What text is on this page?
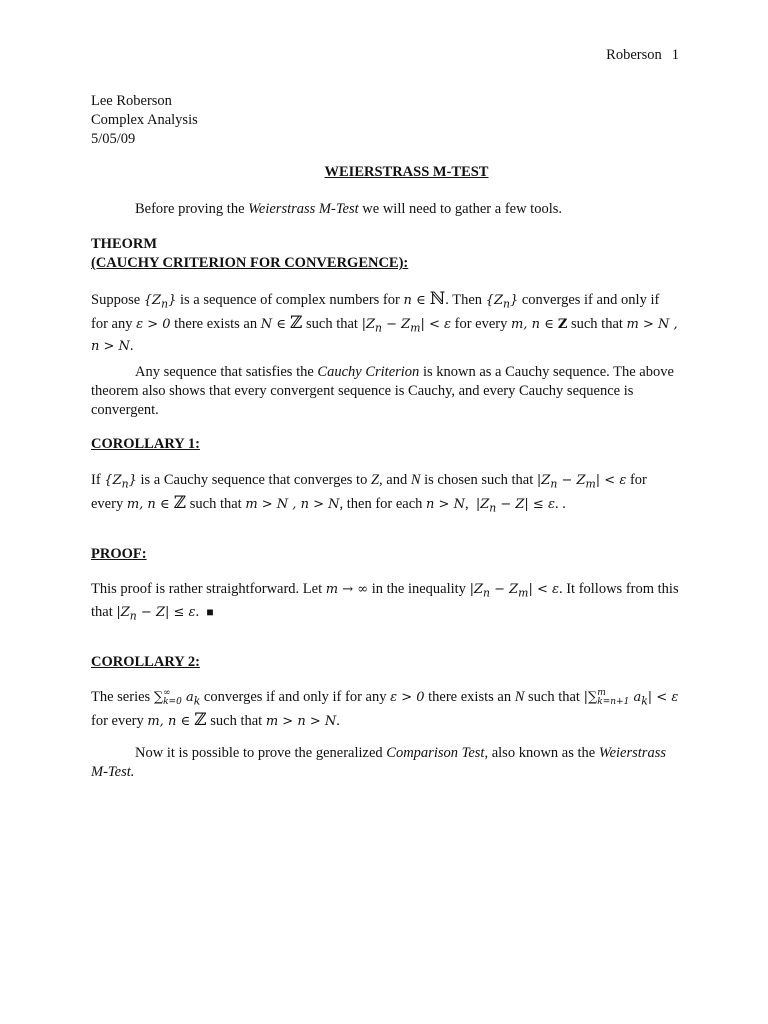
Roberson 1

Lee Roberson
Complex Analysis
5/05/09

WEIERSTRASS M-TEST

Before proving the Weierstrass M-Test we will need to gather a few tools.

THEORM
(CAUCHY CRITERION FOR CONVERGENCE):

Suppose $\{Z_n\}$ is a sequence of complex numbers for n ∈ ℕ. Then $\{Z_n\}$ converges if and only if for any ε > 0 there exists an N ∈ ℤ such that $|Z_n - Z_m| < \varepsilon$ for every m, n ∈ Z such that m > N , n > N.

Any sequence that satisfies the Cauchy Criterion is known as a Cauchy sequence. The above theorem also shows that every convergent sequence is Cauchy, and every Cauchy sequence is convergent.

COROLLARY 1:

If $\{Z_n\}$ is a Cauchy sequence that converges to Z, and N is chosen such that $|Z_n - Z_m| < \varepsilon$ for every m, n ∈ ℤ such that m > N , n > N, then for each n > N,  $|Z_n - Z| \le \varepsilon$. .

PROOF:

This proof is rather straightforward. Let m → ∞ in the inequality $|Z_n - Z_m| < \varepsilon$. It follows from this that $|Z_n - Z| \le \varepsilon$.  ■

COROLLARY 2:

The series ∑ ∞
k=0 $a_k$ converges if and only if for any ε > 0 there exists an N such that |∑ m
k=n+1 $a_k| < \varepsilon$ for every m, n ∈ ℤ such that m > n > N.

Now it is possible to prove the generalized Comparison Test, also known as the Weierstrass M-Test.
